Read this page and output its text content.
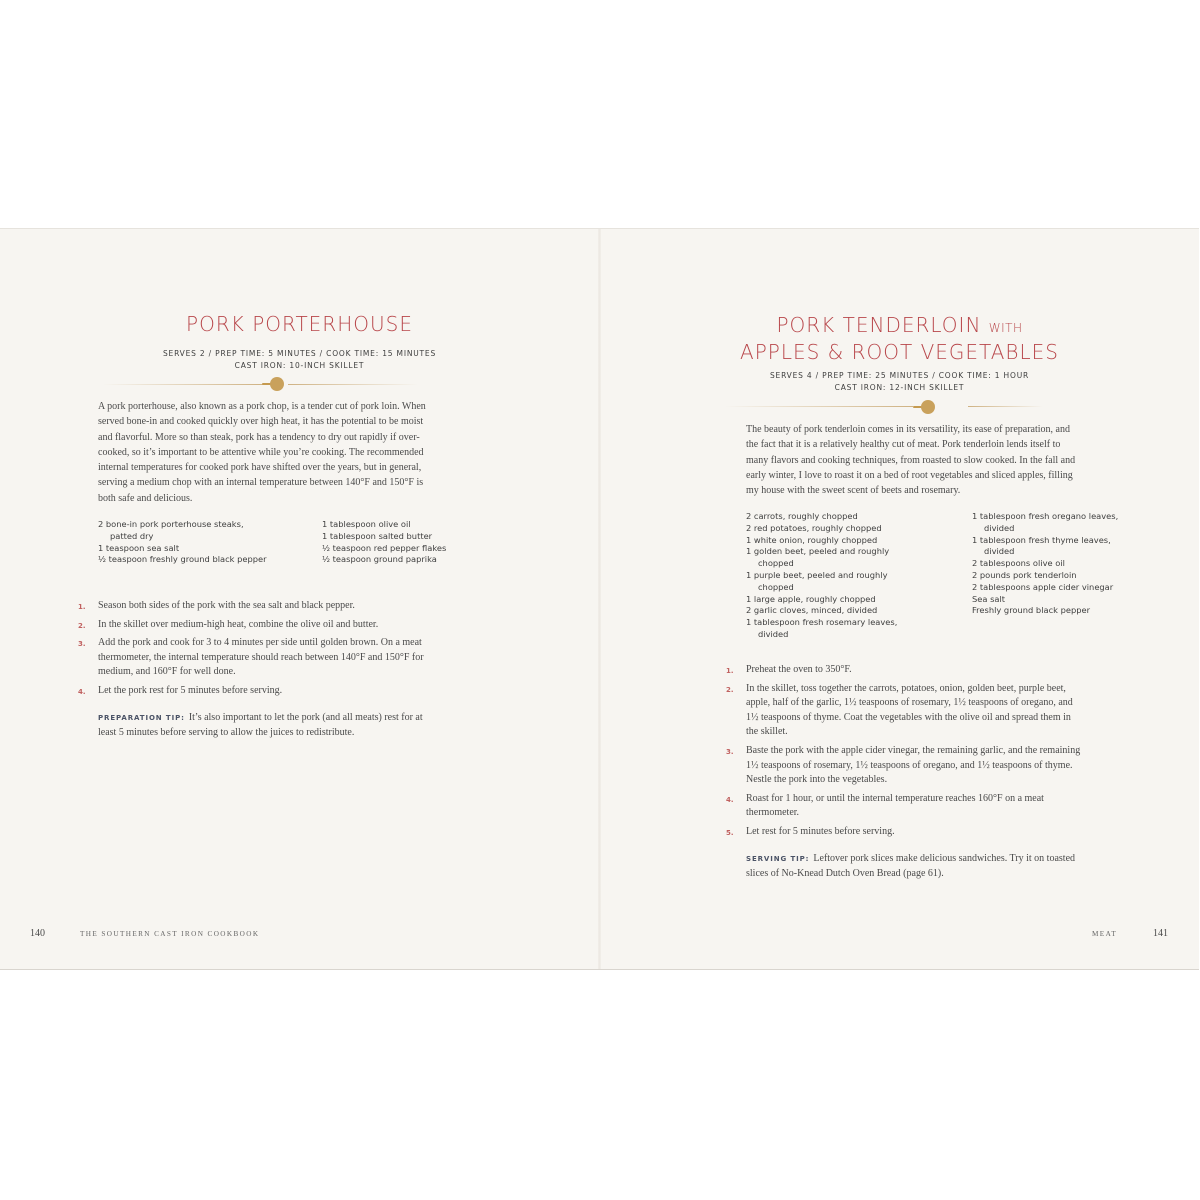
PORK PORTERHOUSE
SERVES 2 / PREP TIME: 5 MINUTES / COOK TIME: 15 MINUTES
CAST IRON: 10-INCH SKILLET
A pork porterhouse, also known as a pork chop, is a tender cut of pork loin. When
served bone-in and cooked quickly over high heat, it has the potential to be moist
and flavorful. More so than steak, pork has a tendency to dry out rapidly if over-
cooked, so it’s important to be attentive while you’re cooking. The recommended
internal temperatures for cooked pork have shifted over the years, but in general,
serving a medium chop with an internal temperature between 140°F and 150°F is
both safe and delicious.
2 bone-in pork porterhouse steaks, patted dry
1 teaspoon sea salt
½ teaspoon freshly ground black pepper
1 tablespoon olive oil
1 tablespoon salted butter
½ teaspoon red pepper flakes
½ teaspoon ground paprika
1. Season both sides of the pork with the sea salt and black pepper.
2. In the skillet over medium-high heat, combine the olive oil and butter.
3. Add the pork and cook for 3 to 4 minutes per side until golden brown. On a meat
thermometer, the internal temperature should reach between 140°F and 150°F for
medium, and 160°F for well done.
4. Let the pork rest for 5 minutes before serving.
PREPARATION TIP: It’s also important to let the pork (and all meats) rest for at
least 5 minutes before serving to allow the juices to redistribute.
140	THE SOUTHERN CAST IRON COOKBOOK
PORK TENDERLOIN WITH
APPLES & ROOT VEGETABLES
SERVES 4 / PREP TIME: 25 MINUTES / COOK TIME: 1 HOUR
CAST IRON: 12-INCH SKILLET
The beauty of pork tenderloin comes in its versatility, its ease of preparation, and
the fact that it is a relatively healthy cut of meat. Pork tenderloin lends itself to
many flavors and cooking techniques, from roasted to slow cooked. In the fall and
early winter, I love to roast it on a bed of root vegetables and sliced apples, filling
my house with the sweet scent of beets and rosemary.
2 carrots, roughly chopped
2 red potatoes, roughly chopped
1 white onion, roughly chopped
1 golden beet, peeled and roughly chopped
1 purple beet, peeled and roughly chopped
1 large apple, roughly chopped
2 garlic cloves, minced, divided
1 tablespoon fresh rosemary leaves, divided
1 tablespoon fresh oregano leaves, divided
1 tablespoon fresh thyme leaves, divided
2 tablespoons olive oil
2 pounds pork tenderloin
2 tablespoons apple cider vinegar
Sea salt
Freshly ground black pepper
1. Preheat the oven to 350°F.
2. In the skillet, toss together the carrots, potatoes, onion, golden beet, purple beet,
apple, half of the garlic, 1½ teaspoons of rosemary, 1½ teaspoons of oregano, and
1½ teaspoons of thyme. Coat the vegetables with the olive oil and spread them in
the skillet.
3. Baste the pork with the apple cider vinegar, the remaining garlic, and the remaining
1½ teaspoons of rosemary, 1½ teaspoons of oregano, and 1½ teaspoons of thyme.
Nestle the pork into the vegetables.
4. Roast for 1 hour, or until the internal temperature reaches 160°F on a meat
thermometer.
5. Let rest for 5 minutes before serving.
SERVING TIP: Leftover pork slices make delicious sandwiches. Try it on toasted
slices of No-Knead Dutch Oven Bread (page 61).
MEAT	141
